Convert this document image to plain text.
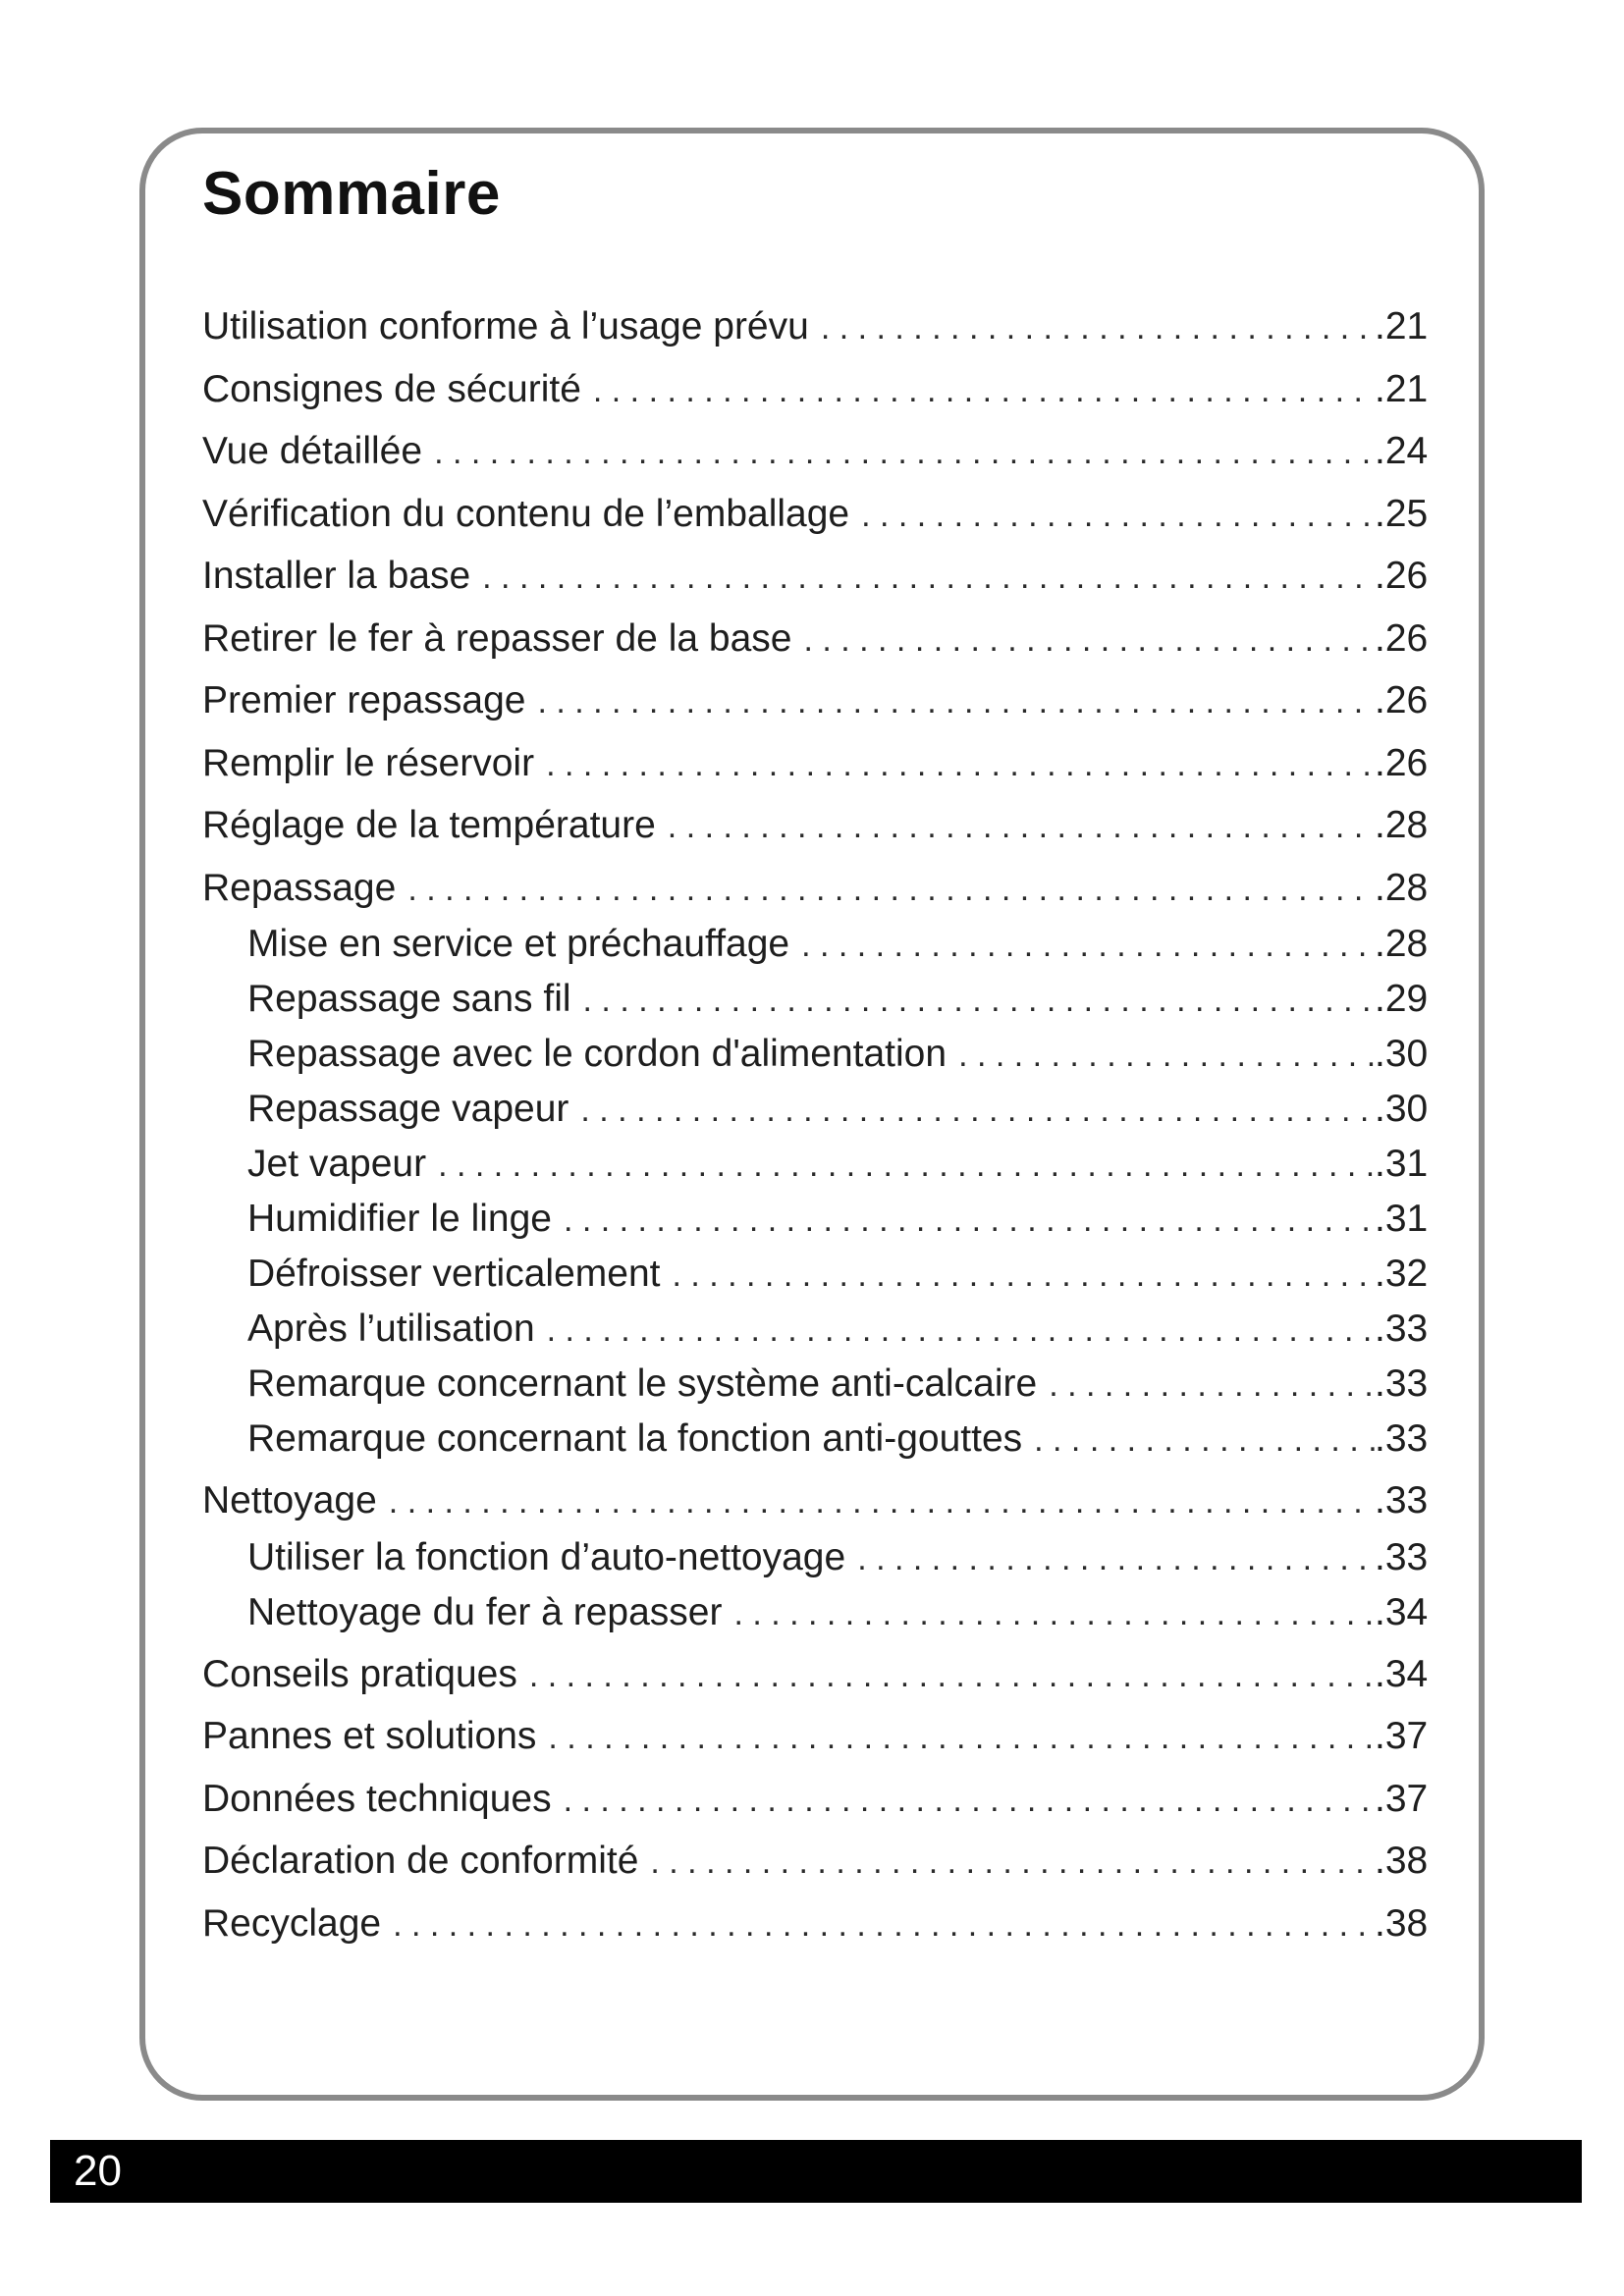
Sommaire
Utilisation conforme à l’usage prévu . . .	.21
Consignes de sécurité . . .	.21
Vue détaillée . . .	.24
Vérification du contenu de l’emballage . . .	.25
Installer la base . . .	.26
Retirer le fer à repasser de la base . . .	.26
Premier repassage . . .	.26
Remplir le réservoir . . .	.26
Réglage de la température . . .	.28
Repassage . . .	.28
Mise en service et préchauffage . . .	.28
Repassage sans fil . . .	.29
Repassage avec le cordon d'alimentation . . .	.30
Repassage vapeur . . .	.30
Jet vapeur . . .	.31
Humidifier le linge . . .	.31
Défroisser verticalement . . .	.32
Après l’utilisation . . .	.33
Remarque concernant le système anti-calcaire . . .	.33
Remarque concernant la fonction anti-gouttes . . .	.33
Nettoyage . . .	.33
Utiliser la fonction d’auto-nettoyage . . .	.33
Nettoyage du fer à repasser . . .	.34
Conseils pratiques . . .	.34
Pannes et solutions . . .	.37
Données techniques . . .	.37
Déclaration de conformité . . .	.38
Recyclage . . .	.38
20
